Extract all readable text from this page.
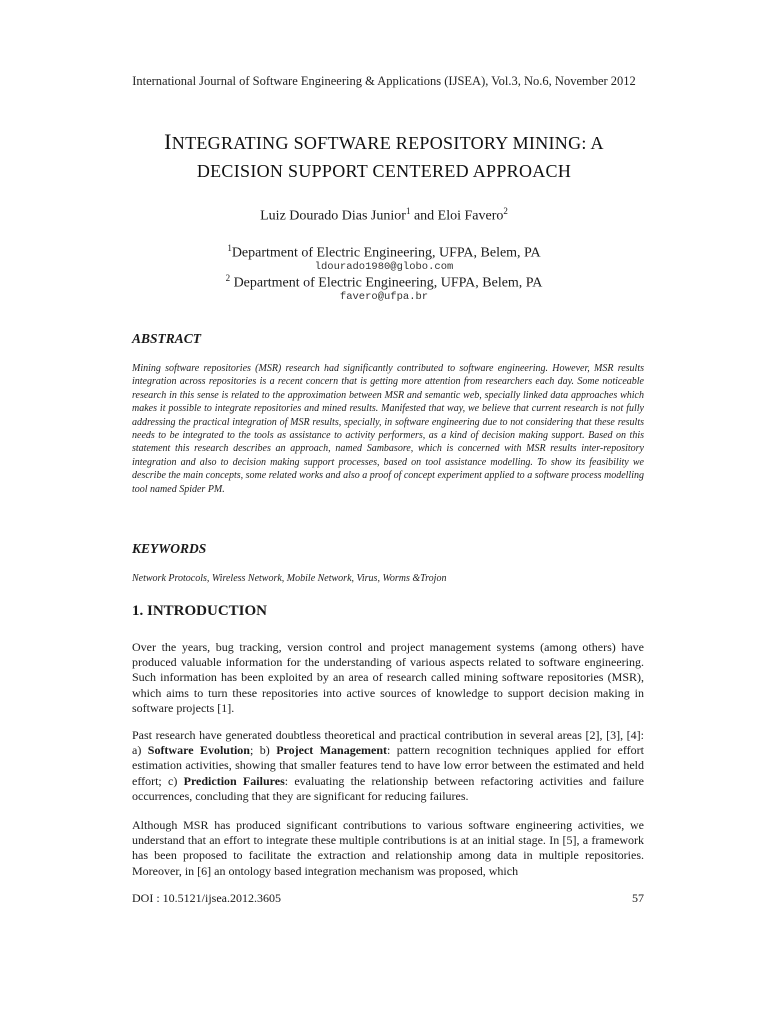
International Journal of Software Engineering & Applications (IJSEA), Vol.3, No.6, November 2012
INTEGRATING SOFTWARE REPOSITORY MINING: A
DECISION SUPPORT CENTERED APPROACH
Luiz Dourado Dias Junior$^1$ and Eloi Favero$^2$
$^1$Department of Electric Engineering, UFPA, Belem, PA
ldourado1980@globo.com
$^2$ Department of Electric Engineering, UFPA, Belem, PA
favero@ufpa.br
ABSTRACT
Mining software repositories (MSR) research had significantly contributed to software engineering. However, MSR results integration across repositories is a recent concern that is getting more attention from researchers each day. Some noticeable research in this sense is related to the approximation between MSR and semantic web, specially linked data approaches which makes it possible to integrate repositories and mined results. Manifested that way, we believe that current research is not fully addressing the practical integration of MSR results, specially, in software engineering due to not considering that these results needs to be integrated to the tools as assistance to activity performers, as a kind of decision making support. Based on this statement this research describes an approach, named Sambasore, which is concerned with MSR results inter-repository integration and also to decision making support processes, based on tool assistance modelling. To show its feasibility we describe the main concepts, some related works and also a proof of concept experiment applied to a software process modelling tool named Spider PM.
KEYWORDS
Network Protocols, Wireless Network, Mobile Network, Virus, Worms &Trojon
1. INTRODUCTION
Over the years, bug tracking, version control and project management systems (among others) have produced valuable information for the understanding of various aspects related to software engineering. Such information has been exploited by an area of research called mining software repositories (MSR), which aims to turn these repositories into active sources of knowledge to support decision making in software projects [1].
Past research have generated doubtless theoretical and practical contribution in several areas [2], [3], [4]: a) Software Evolution; b) Project Management: pattern recognition techniques applied for effort estimation activities, showing that smaller features tend to have low error between the estimated and held effort; c) Prediction Failures: evaluating the relationship between refactoring activities and failure occurrences, concluding that they are significant for reducing failures.
Although MSR has produced significant contributions to various software engineering activities, we understand that an effort to integrate these multiple contributions is at an initial stage. In [5], a framework has been proposed to facilitate the extraction and relationship among data in multiple repositories. Moreover, in [6] an ontology based integration mechanism was proposed, which
DOI : 10.5121/ijsea.2012.3605	57
